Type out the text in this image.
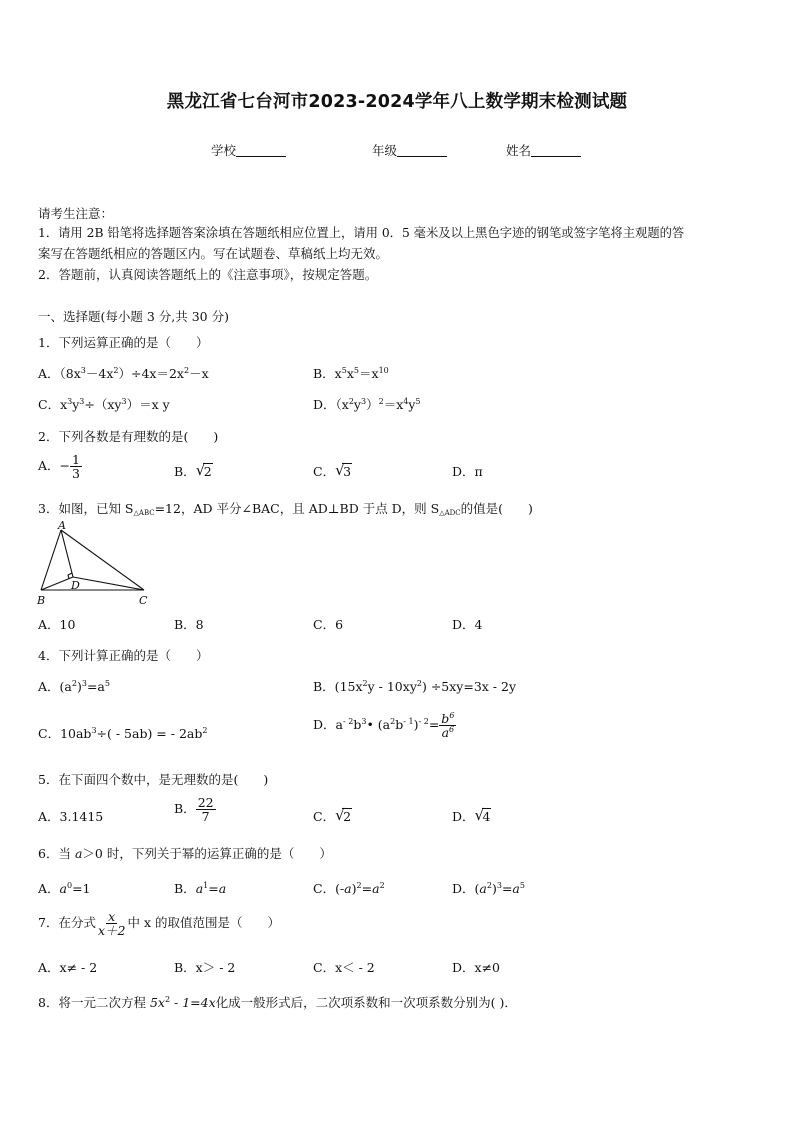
黑龙江省七台河市2023-2024学年八上数学期末检测试题
学校	年级	姓名
请考生注意：
1．请用 2B 铅笔将选择题答案涂填在答题纸相应位置上，请用 0．5 毫米及以上黑色字迹的钢笔或签字笔将主观题的答
案写在答题纸相应的答题区内。写在试题卷、草稿纸上均无效。
2．答题前，认真阅读答题纸上的《注意事项》，按规定答题。
一、选择题(每小题 3 分,共 30 分)
1．下列运算正确的是（　　）
A．$(8x^3-4x^2)\div 4x=2x^2-x$	B．$x^5x^5=x^{10}$
C．$x^3y^3\div(xy^3)=x$ y	D．$(x^2y^3)^2=x^4y^5$
2．下列各数是有理数的是(　　)
A．− $\frac{1}{3}$	B． √
2	C． √
3	D．π
3．如图，已知 $S_{\triangle ABC}=12$，AD 平分∠BAC，且 AD⊥BD 于点 D，则 $S_{\triangle ADC}$的值是(　　)
A
B	C
D
A．10	B．8	C．6	D．4
4．下列计算正确的是（　　）
A．$(a^2)^3=a^5$	B．$(15x^2y - 10xy^2) \div 5xy=3x - 2y$
C．$10ab^3\div( - 5ab)$ = - $2ab^2$	D．$a^{- 2}b^3•$ $(a^2b^{- 1})^{- 2}= \frac{b^6}{a^6}$
5．在下面四个数中，是无理数的是(　　)
A．3.1415
B． $\frac{22}{7}$	C． √
2	D． √
4
6．当 a＞0 时，下列关于幂的运算正确的是（　　）
A．$a^0=1$	B．$a^1=a$	C．$(-a)^2=a^2$	D．$(a^2)^3=a^5$
7．在分式 $\frac{x}{x+2}$ 中 x 的取值范围是（　　）
A．x≠ - 2	B．x＞ - 2	C．x＜ - 2	D．x≠0
8．将一元二次方程 $5x^2 - 1=4x$化成一般形式后，二次项系数和一次项系数分别为( )．
